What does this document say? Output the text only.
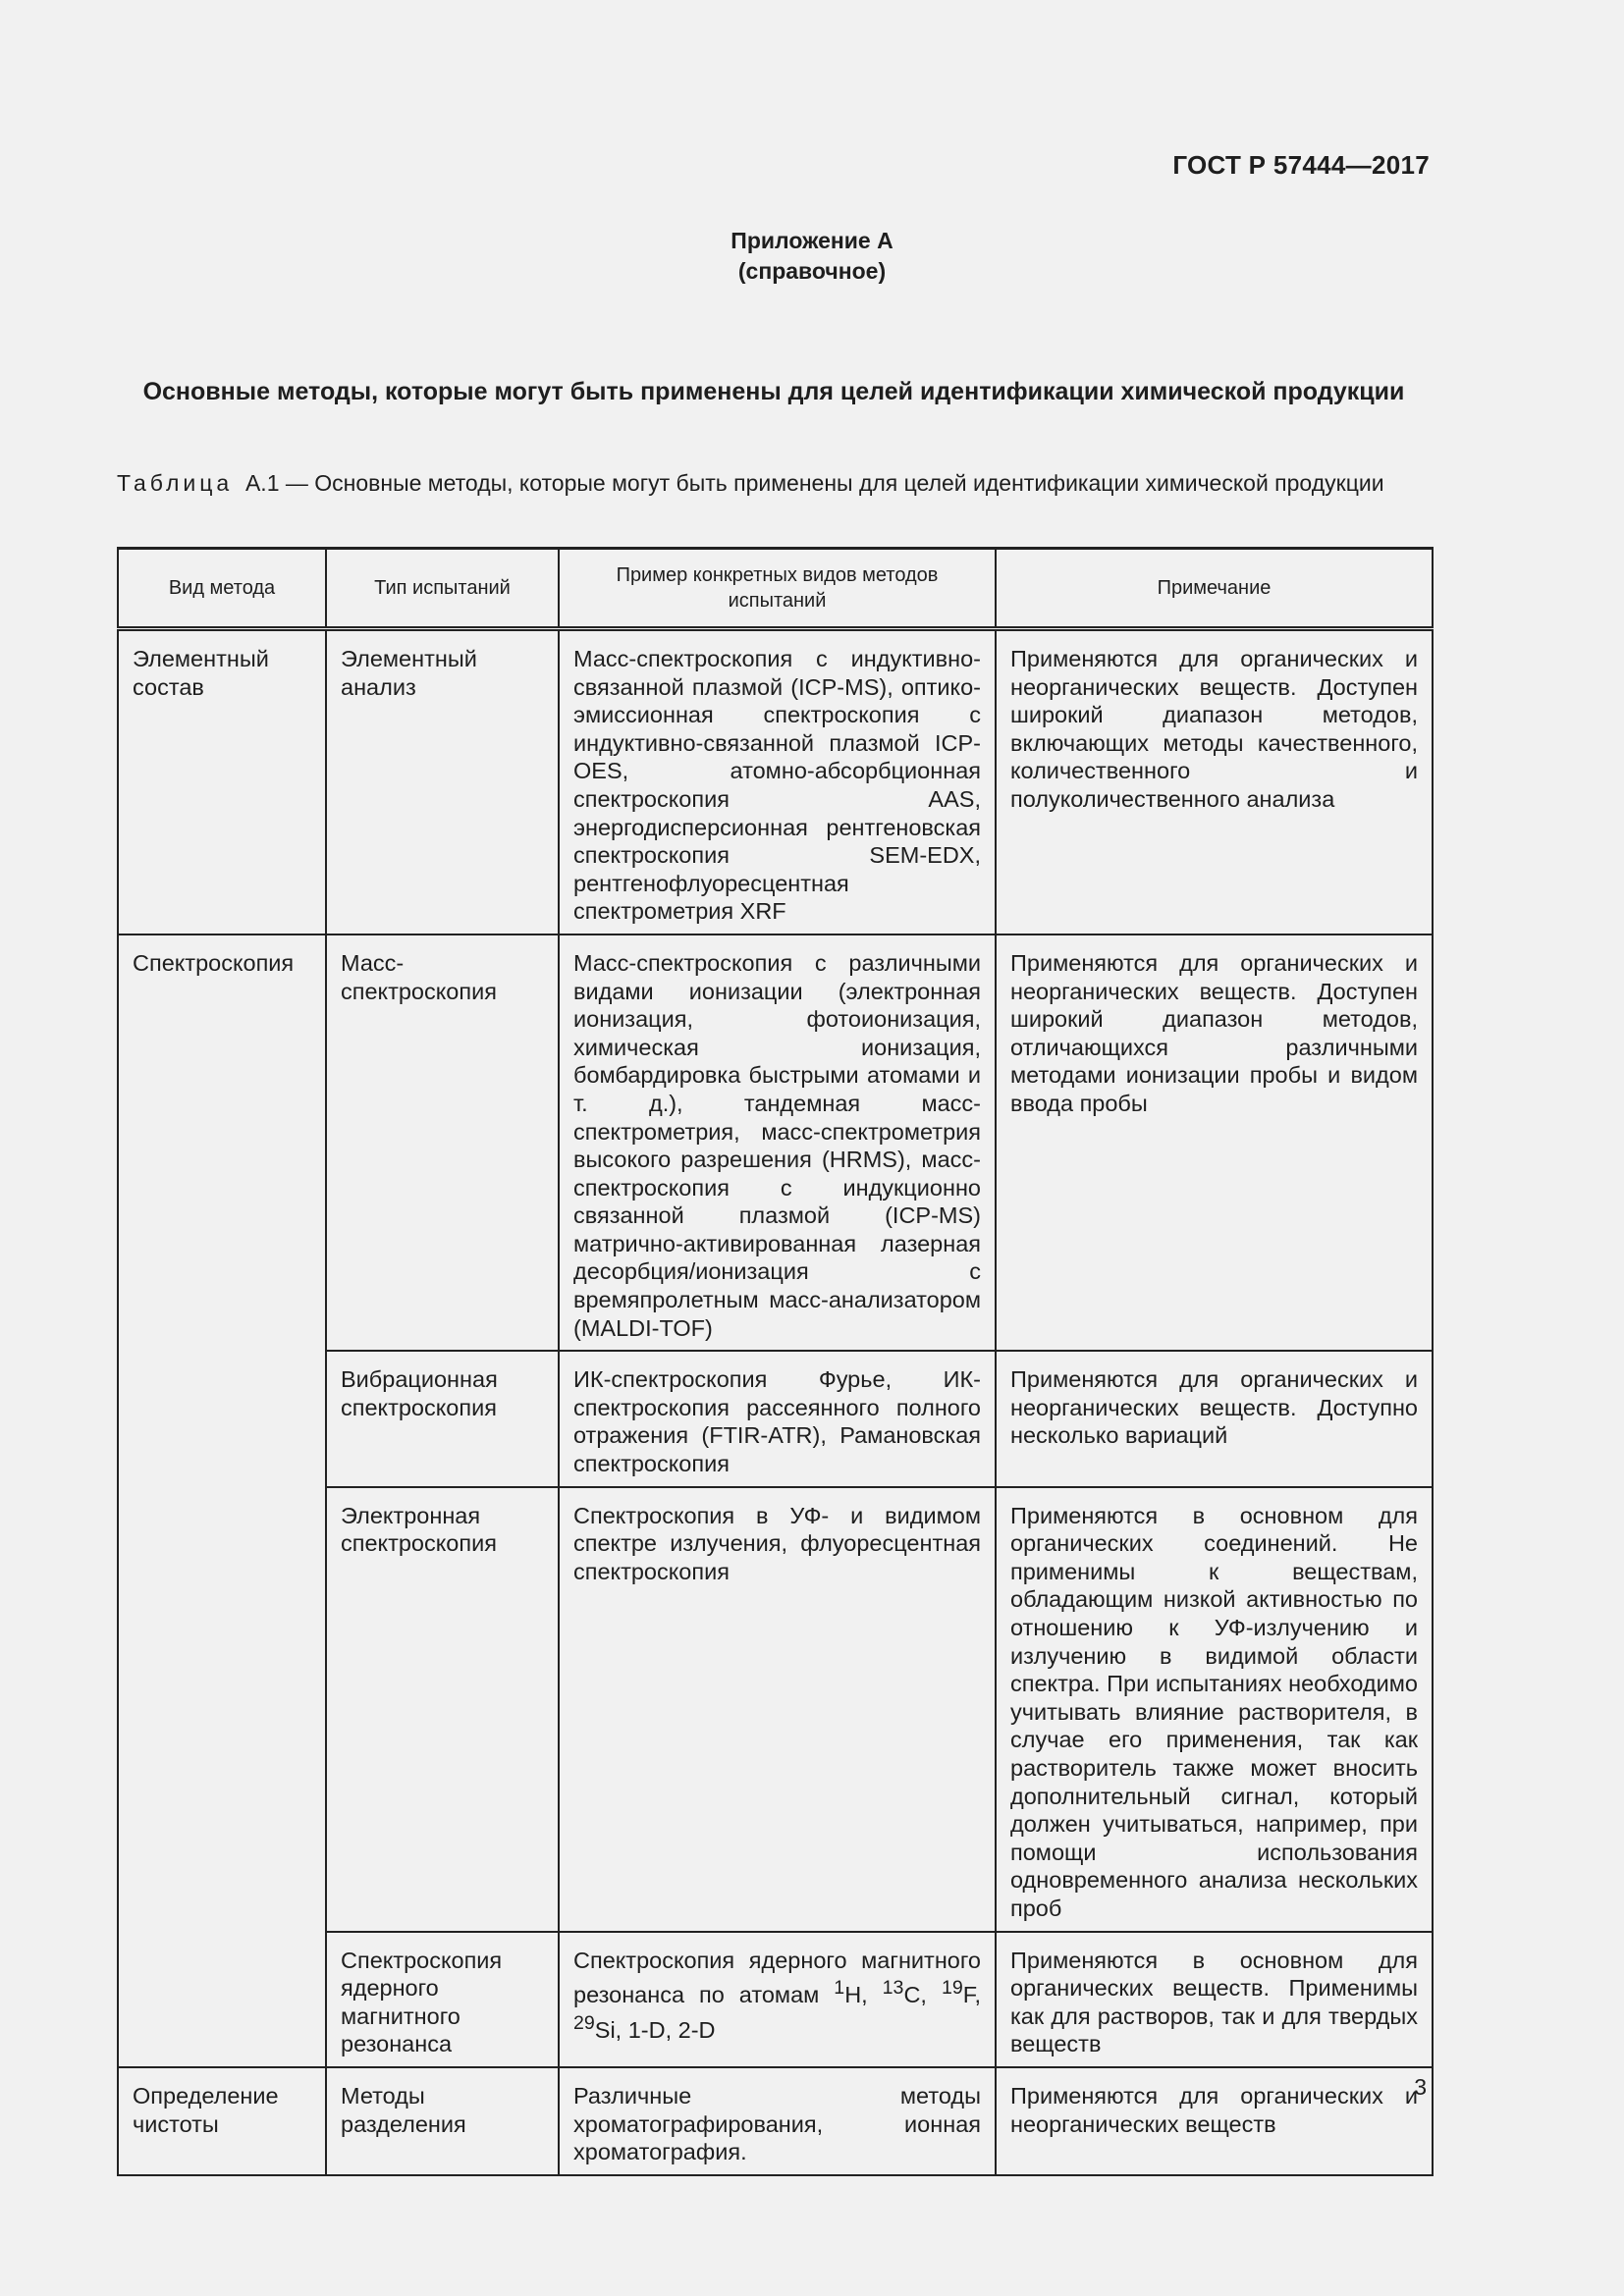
ГОСТ Р 57444—2017
Приложение А
(справочное)
Основные методы, которые могут быть применены для целей идентификации химической продукции
Таблица А.1 — Основные методы, которые могут быть применены для целей идентификации химической продукции
Вид метода	Тип испытаний	Пример конкретных видов методов испытаний	Примечание
Элементный состав	Элементный анализ	Масс-спектроскопия с индуктивно-связанной плазмой (ICP-MS), оптико-эмиссионная спектроскопия с индуктивно-связанной плазмой ICP-OES, атомно-абсорбционная спектроскопия AAS, энергодисперсионная рентгеновская спектроскопия SEM-EDX, рентгенофлуоресцентная спектрометрия XRF	Применяются для органических и неорганических веществ. Доступен широкий диапазон методов, включающих методы качественного, количественного и полуколичественного анализа
Спектроскопия	Масс-спектроскопия	Масс-спектроскопия с различными видами ионизации (электронная ионизация, фотоионизация, химическая ионизация, бомбардировка быстрыми атомами и т. д.), тандемная масс-спектрометрия, масс-спектрометрия высокого разрешения (HRMS), масс-спектроскопия с индукционно связанной плазмой (ICP-MS) матрично-активированная лазерная десорбция/ионизация с времяпролетным масс-анализатором (MALDI-TOF)	Применяются для органических и неорганических веществ. Доступен широкий диапазон методов, отличающихся различными методами ионизации пробы и видом ввода пробы
	Вибрационная спектроскопия	ИК-спектроскопия Фурье, ИК-спектроскопия рассеянного полного отражения (FTIR-ATR), Рамановская спектроскопия	Применяются для органических и неорганических веществ. Доступно несколько вариаций
	Электронная спектроскопия	Спектроскопия в УФ- и видимом спектре излучения, флуоресцентная спектроскопия	Применяются в основном для органических соединений. Не применимы к веществам, обладающим низкой активностью по отношению к УФ-излучению и излучению в видимой области спектра. При испытаниях необходимо учитывать влияние растворителя, в случае его применения, так как растворитель также может вносить дополнительный сигнал, который должен учитываться, например, при помощи использования одновременного анализа нескольких проб
	Спектроскопия ядерного магнитного резонанса	Спектроскопия ядерного магнитного резонанса по атомам $^1$H, $^{13}$C, $^{19}$F, $^{29}$Si, 1-D, 2-D	Применяются в основном для органических веществ. Применимы как для растворов, так и для твердых веществ
Определение чистоты	Методы разделения	Различные методы хроматографирования, ионная хроматография.	Применяются для органических и неорганических веществ
3
